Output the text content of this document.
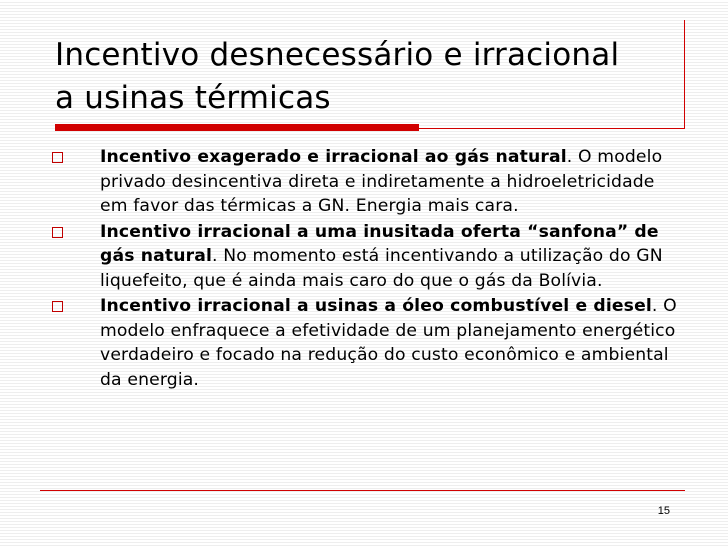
Incentivo desnecessário e irracional
a usinas térmicas
Incentivo exagerado e irracional ao gás natural. O modelo privado desincentiva direta e indiretamente a hidroeletricidade em favor das térmicas a GN. Energia mais cara.
Incentivo irracional a uma inusitada oferta “sanfona” de gás natural. No momento está incentivando a utilização do GN liquefeito, que é ainda mais caro do que o gás da Bolívia.
Incentivo irracional a usinas a óleo combustível e diesel. O modelo enfraquece a efetividade de um planejamento energético verdadeiro e focado na redução do custo econômico e ambiental da energia.
15
